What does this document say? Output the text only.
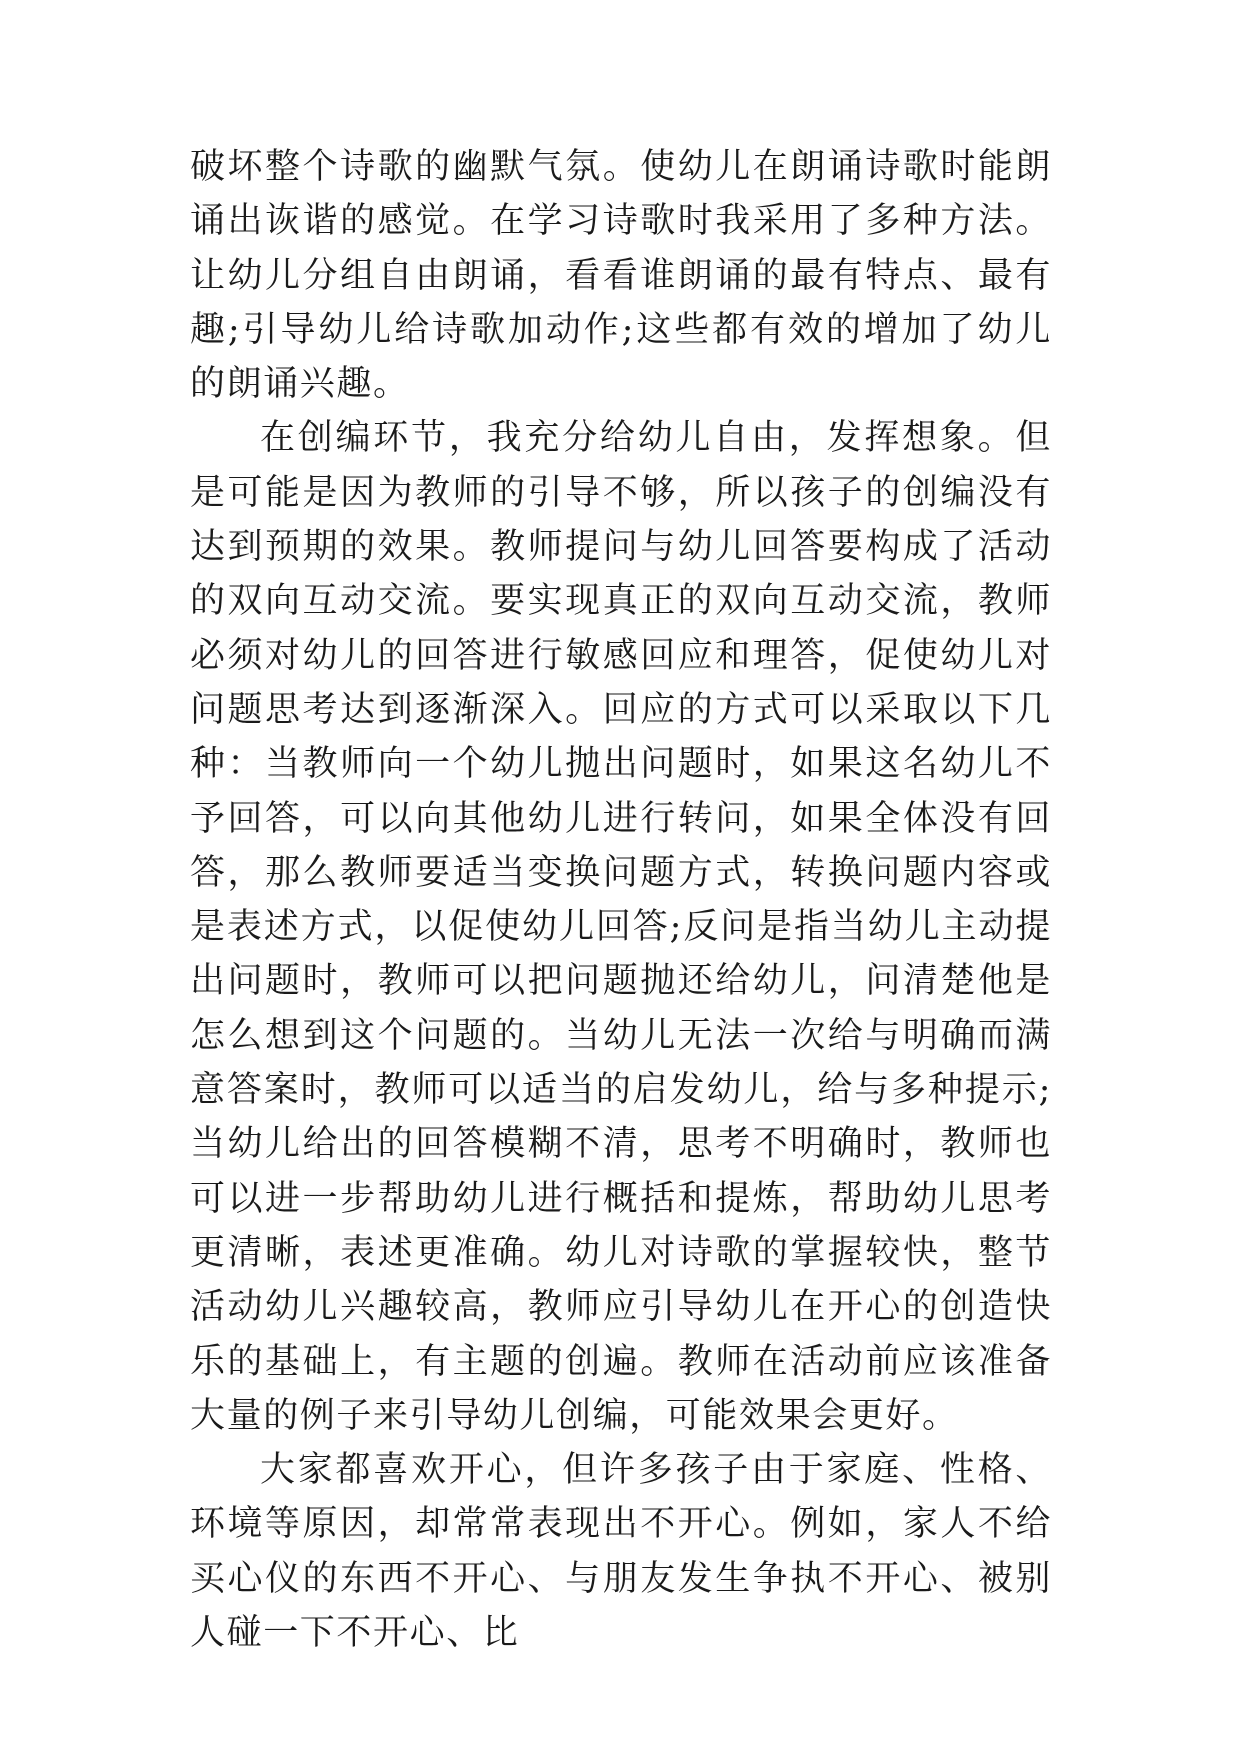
破坏整个诗歌的幽默气氛。使幼儿在朗诵诗歌时能朗诵出诙谐的感觉。在学习诗歌时我采用了多种方法。让幼儿分组自由朗诵，看看谁朗诵的最有特点、最有趣;引导幼儿给诗歌加动作;这些都有效的增加了幼儿的朗诵兴趣。

在创编环节，我充分给幼儿自由，发挥想象。但是可能是因为教师的引导不够，所以孩子的创编没有达到预期的效果。教师提问与幼儿回答要构成了活动的双向互动交流。要实现真正的双向互动交流，教师必须对幼儿的回答进行敏感回应和理答，促使幼儿对问题思考达到逐渐深入。回应的方式可以采取以下几种：当教师向一个幼儿抛出问题时，如果这名幼儿不予回答，可以向其他幼儿进行转问，如果全体没有回答，那么教师要适当变换问题方式，转换问题内容或是表述方式，以促使幼儿回答;反问是指当幼儿主动提出问题时，教师可以把问题抛还给幼儿，问清楚他是怎么想到这个问题的。当幼儿无法一次给与明确而满意答案时，教师可以适当的启发幼儿，给与多种提示;当幼儿给出的回答模糊不清，思考不明确时，教师也可以进一步帮助幼儿进行概括和提炼，帮助幼儿思考更清晰，表述更准确。幼儿对诗歌的掌握较快，整节活动幼儿兴趣较高，教师应引导幼儿在开心的创造快乐的基础上，有主题的创遍。教师在活动前应该准备大量的例子来引导幼儿创编，可能效果会更好。

大家都喜欢开心，但许多孩子由于家庭、性格、环境等原因，却常常表现出不开心。例如，家人不给买心仪的东西不开心、与朋友发生争执不开心、被别人碰一下不开心、比
